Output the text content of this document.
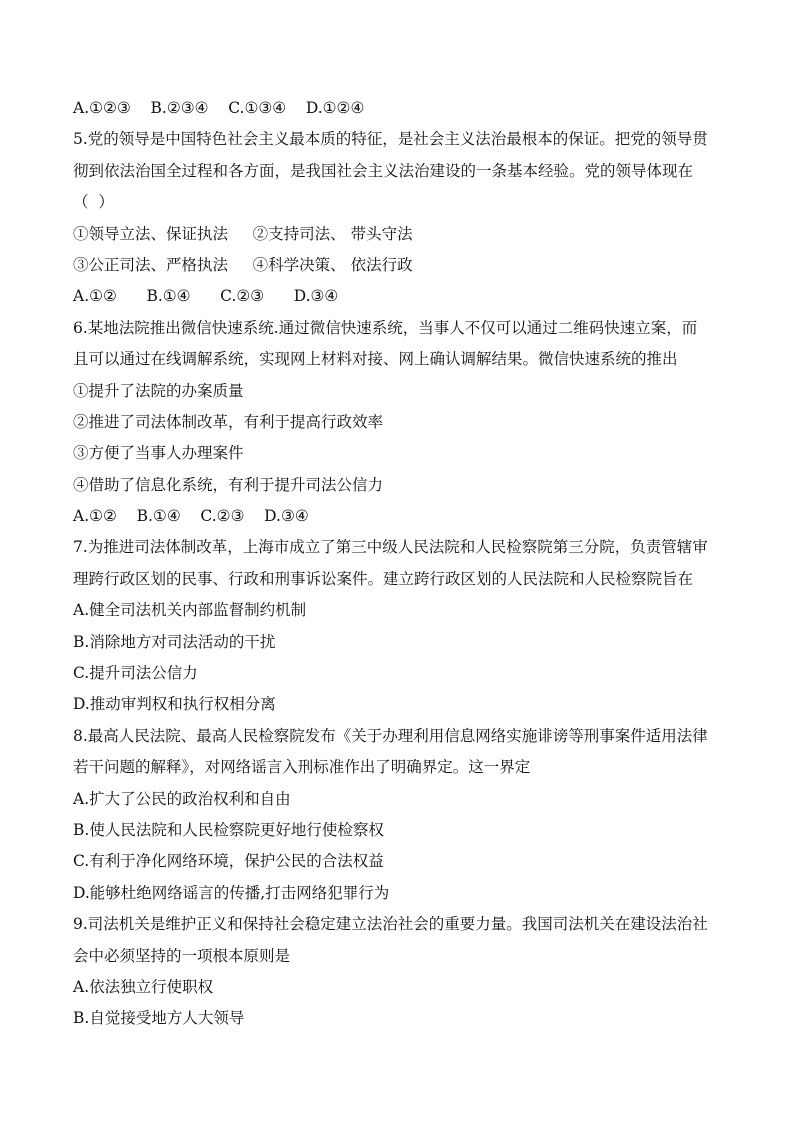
A.①②③    B.②③④    C.①③④    D.①②④
5.党的领导是中国特色社会主义最本质的特征，是社会主义法治最根本的保证。把党的领导贯
彻到依法治国全过程和各方面，是我国社会主义法治建设的一条基本经验。党的领导体现在
（  ）
①领导立法、保证执法     ②支持司法、 带头守法
③公正司法、严格执法     ④科学决策、 依法行政
A.①②      B.①④      C.②③      D.③④
6.某地法院推出微信快速系统.通过微信快速系统，当事人不仅可以通过二维码快速立案，而
且可以通过在线调解系统，实现网上材料对接、网上确认调解结果。微信快速系统的推出
①提升了法院的办案质量
②推进了司法体制改革，有利于提高行政效率
③方便了当事人办理案件
④借助了信息化系统，有利于提升司法公信力
A.①②    B.①④    C.②③    D.③④
7.为推进司法体制改革，上海市成立了第三中级人民法院和人民检察院第三分院，负责管辖审
理跨行政区划的民事、行政和刑事诉讼案件。建立跨行政区划的人民法院和人民检察院旨在
A.健全司法机关内部监督制约机制
B.消除地方对司法活动的干扰
C.提升司法公信力
D.推动审判权和执行权相分离
8.最高人民法院、最高人民检察院发布《关于办理利用信息网络实施诽谤等刑事案件适用法律
若干问题的解释》，对网络谣言入刑标准作出了明确界定。这一界定
A.扩大了公民的政治权利和自由
B.使人民法院和人民检察院更好地行使检察权
C.有利于净化网络环境，保护公民的合法权益
D.能够杜绝网络谣言的传播,打击网络犯罪行为
9.司法机关是维护正义和保持社会稳定建立法治社会的重要力量。我国司法机关在建设法治社
会中必须坚持的一项根本原则是
A.依法独立行使职权
B.自觉接受地方人大领导
